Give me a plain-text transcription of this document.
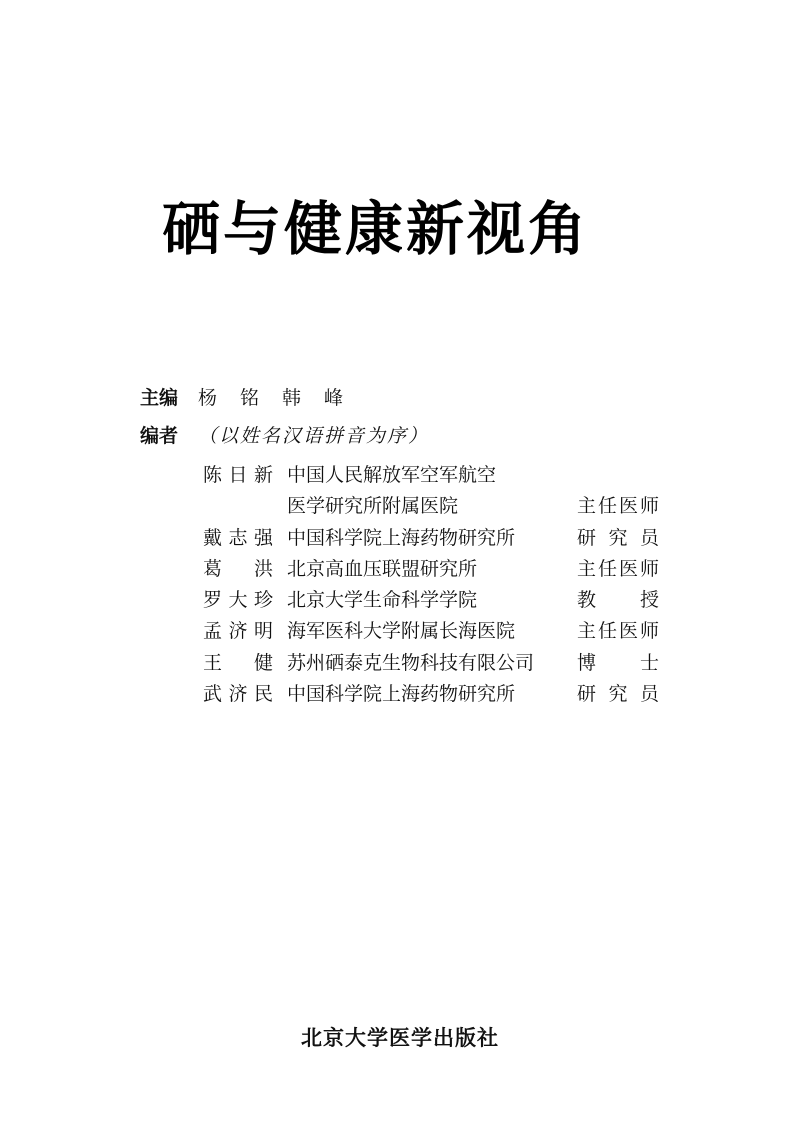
硒与健康新视角
主编 杨　铭　韩　峰
编者 （以姓名汉语拼音为序）
陈日新 中国人民解放军空军航空
医学研究所附属医院	主任医师
戴志强 中国科学院上海药物研究所	研究员
葛洪 北京高血压联盟研究所	主任医师
罗大珍 北京大学生命科学学院	教授
孟济明 海军医科大学附属长海医院	主任医师
王健 苏州硒泰克生物科技有限公司 博士
武济民 中国科学院上海药物研究所	研究员
北京大学医学出版社
